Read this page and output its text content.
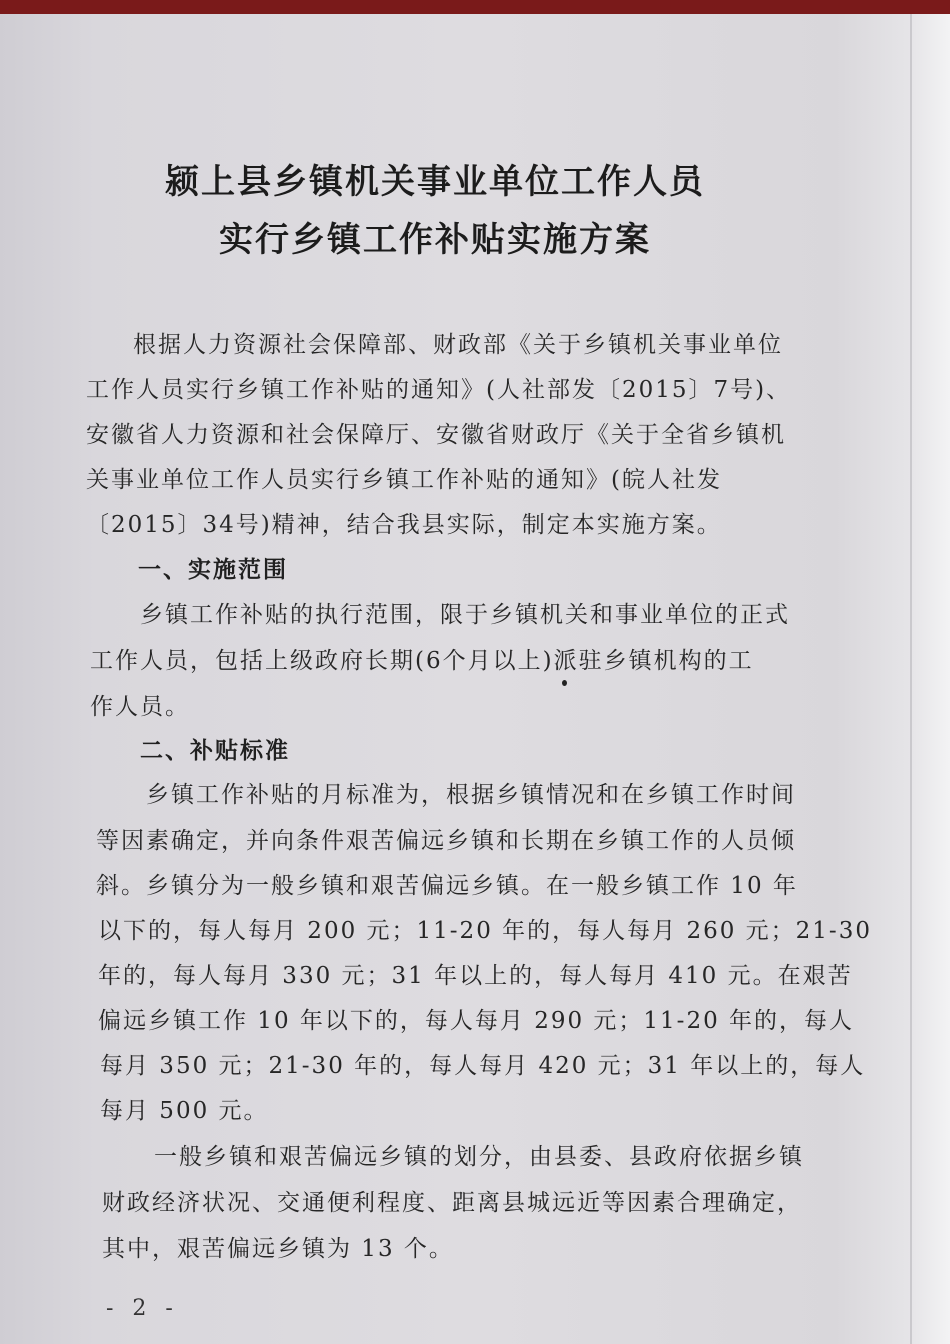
颍上县乡镇机关事业单位工作人员
实行乡镇工作补贴实施方案
根据人力资源社会保障部、财政部《关于乡镇机关事业单位
工作人员实行乡镇工作补贴的通知》(人社部发〔2015〕7号)、
安徽省人力资源和社会保障厅、安徽省财政厅《关于全省乡镇机
关事业单位工作人员实行乡镇工作补贴的通知》(皖人社发
〔2015〕34号)精神，结合我县实际，制定本实施方案。
一、实施范围
乡镇工作补贴的执行范围，限于乡镇机关和事业单位的正式
工作人员，包括上级政府长期(6个月以上)派驻乡镇机构的工
作人员。
二、补贴标准
乡镇工作补贴的月标准为，根据乡镇情况和在乡镇工作时间
等因素确定，并向条件艰苦偏远乡镇和长期在乡镇工作的人员倾
斜。乡镇分为一般乡镇和艰苦偏远乡镇。在一般乡镇工作 10 年
以下的，每人每月 200 元；11-20 年的，每人每月 260 元；21-30
年的，每人每月 330 元；31 年以上的，每人每月 410 元。在艰苦
偏远乡镇工作 10 年以下的，每人每月 290 元；11-20 年的，每人
每月 350 元；21-30 年的，每人每月 420 元；31 年以上的，每人
每月 500 元。
一般乡镇和艰苦偏远乡镇的划分，由县委、县政府依据乡镇
财政经济状况、交通便利程度、距离县城远近等因素合理确定，
其中，艰苦偏远乡镇为 13 个。
- 2 -
